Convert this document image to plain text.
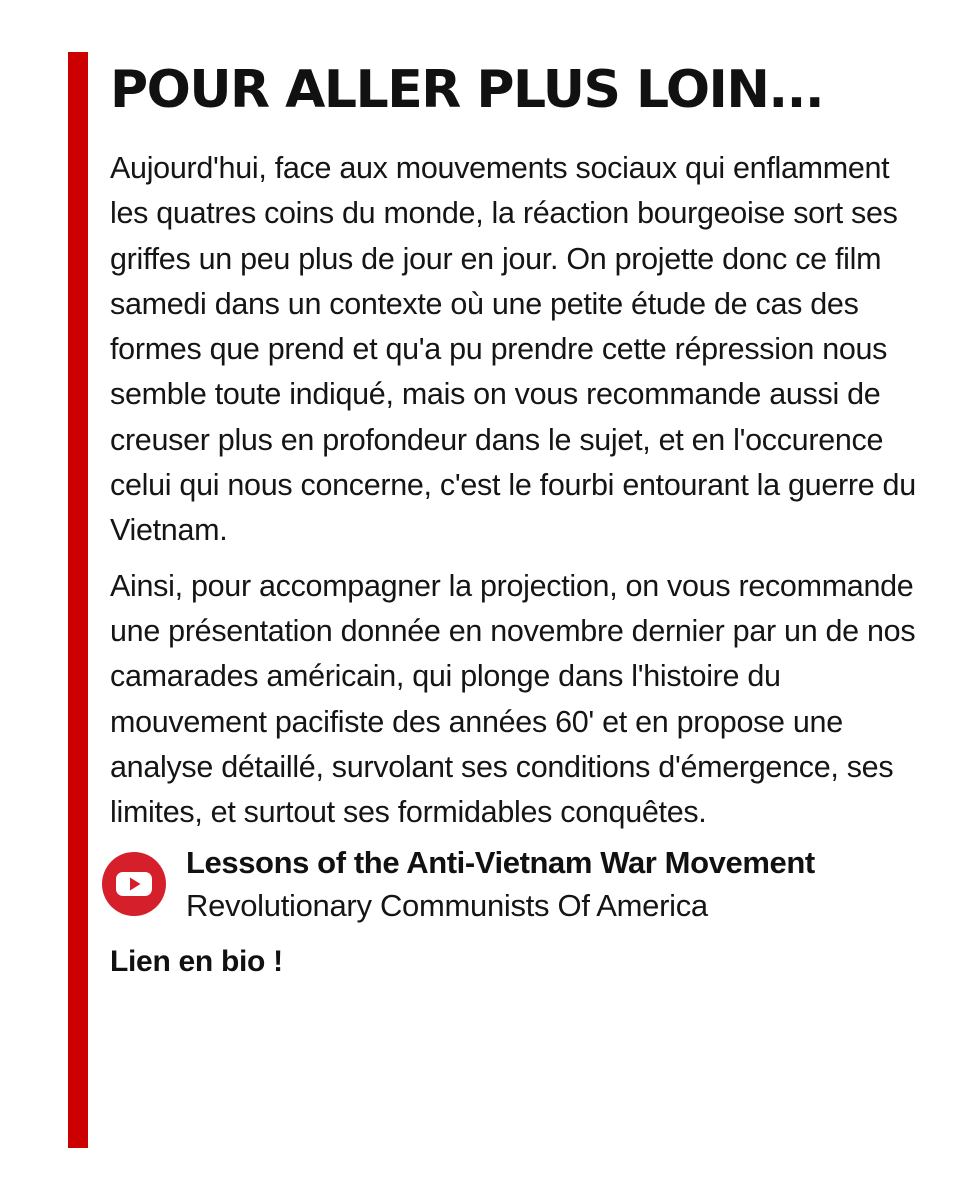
POUR ALLER PLUS LOIN...

Aujourd'hui, face aux mouvements sociaux qui enflamment les quatres coins du monde, la réaction bourgeoise sort ses griffes un peu plus de jour en jour. On projette donc ce film samedi dans un contexte où une petite étude de cas des formes que prend et qu'a pu prendre cette répression nous semble toute indiqué, mais on vous recommande aussi de creuser plus en profondeur dans le sujet, et en l'occurence celui qui nous concerne, c'est le fourbi entourant la guerre du Vietnam.

Ainsi, pour accompagner la projection, on vous recommande une présentation donnée en novembre dernier par un de nos camarades américain, qui plonge dans l'histoire du mouvement pacifiste des années 60' et en propose une analyse détaillé, survolant ses conditions d'émergence, ses limites, et surtout ses formidables conquêtes.

Lessons of the Anti-Vietnam War Movement
Revolutionary Communists Of America
Lien en bio !
